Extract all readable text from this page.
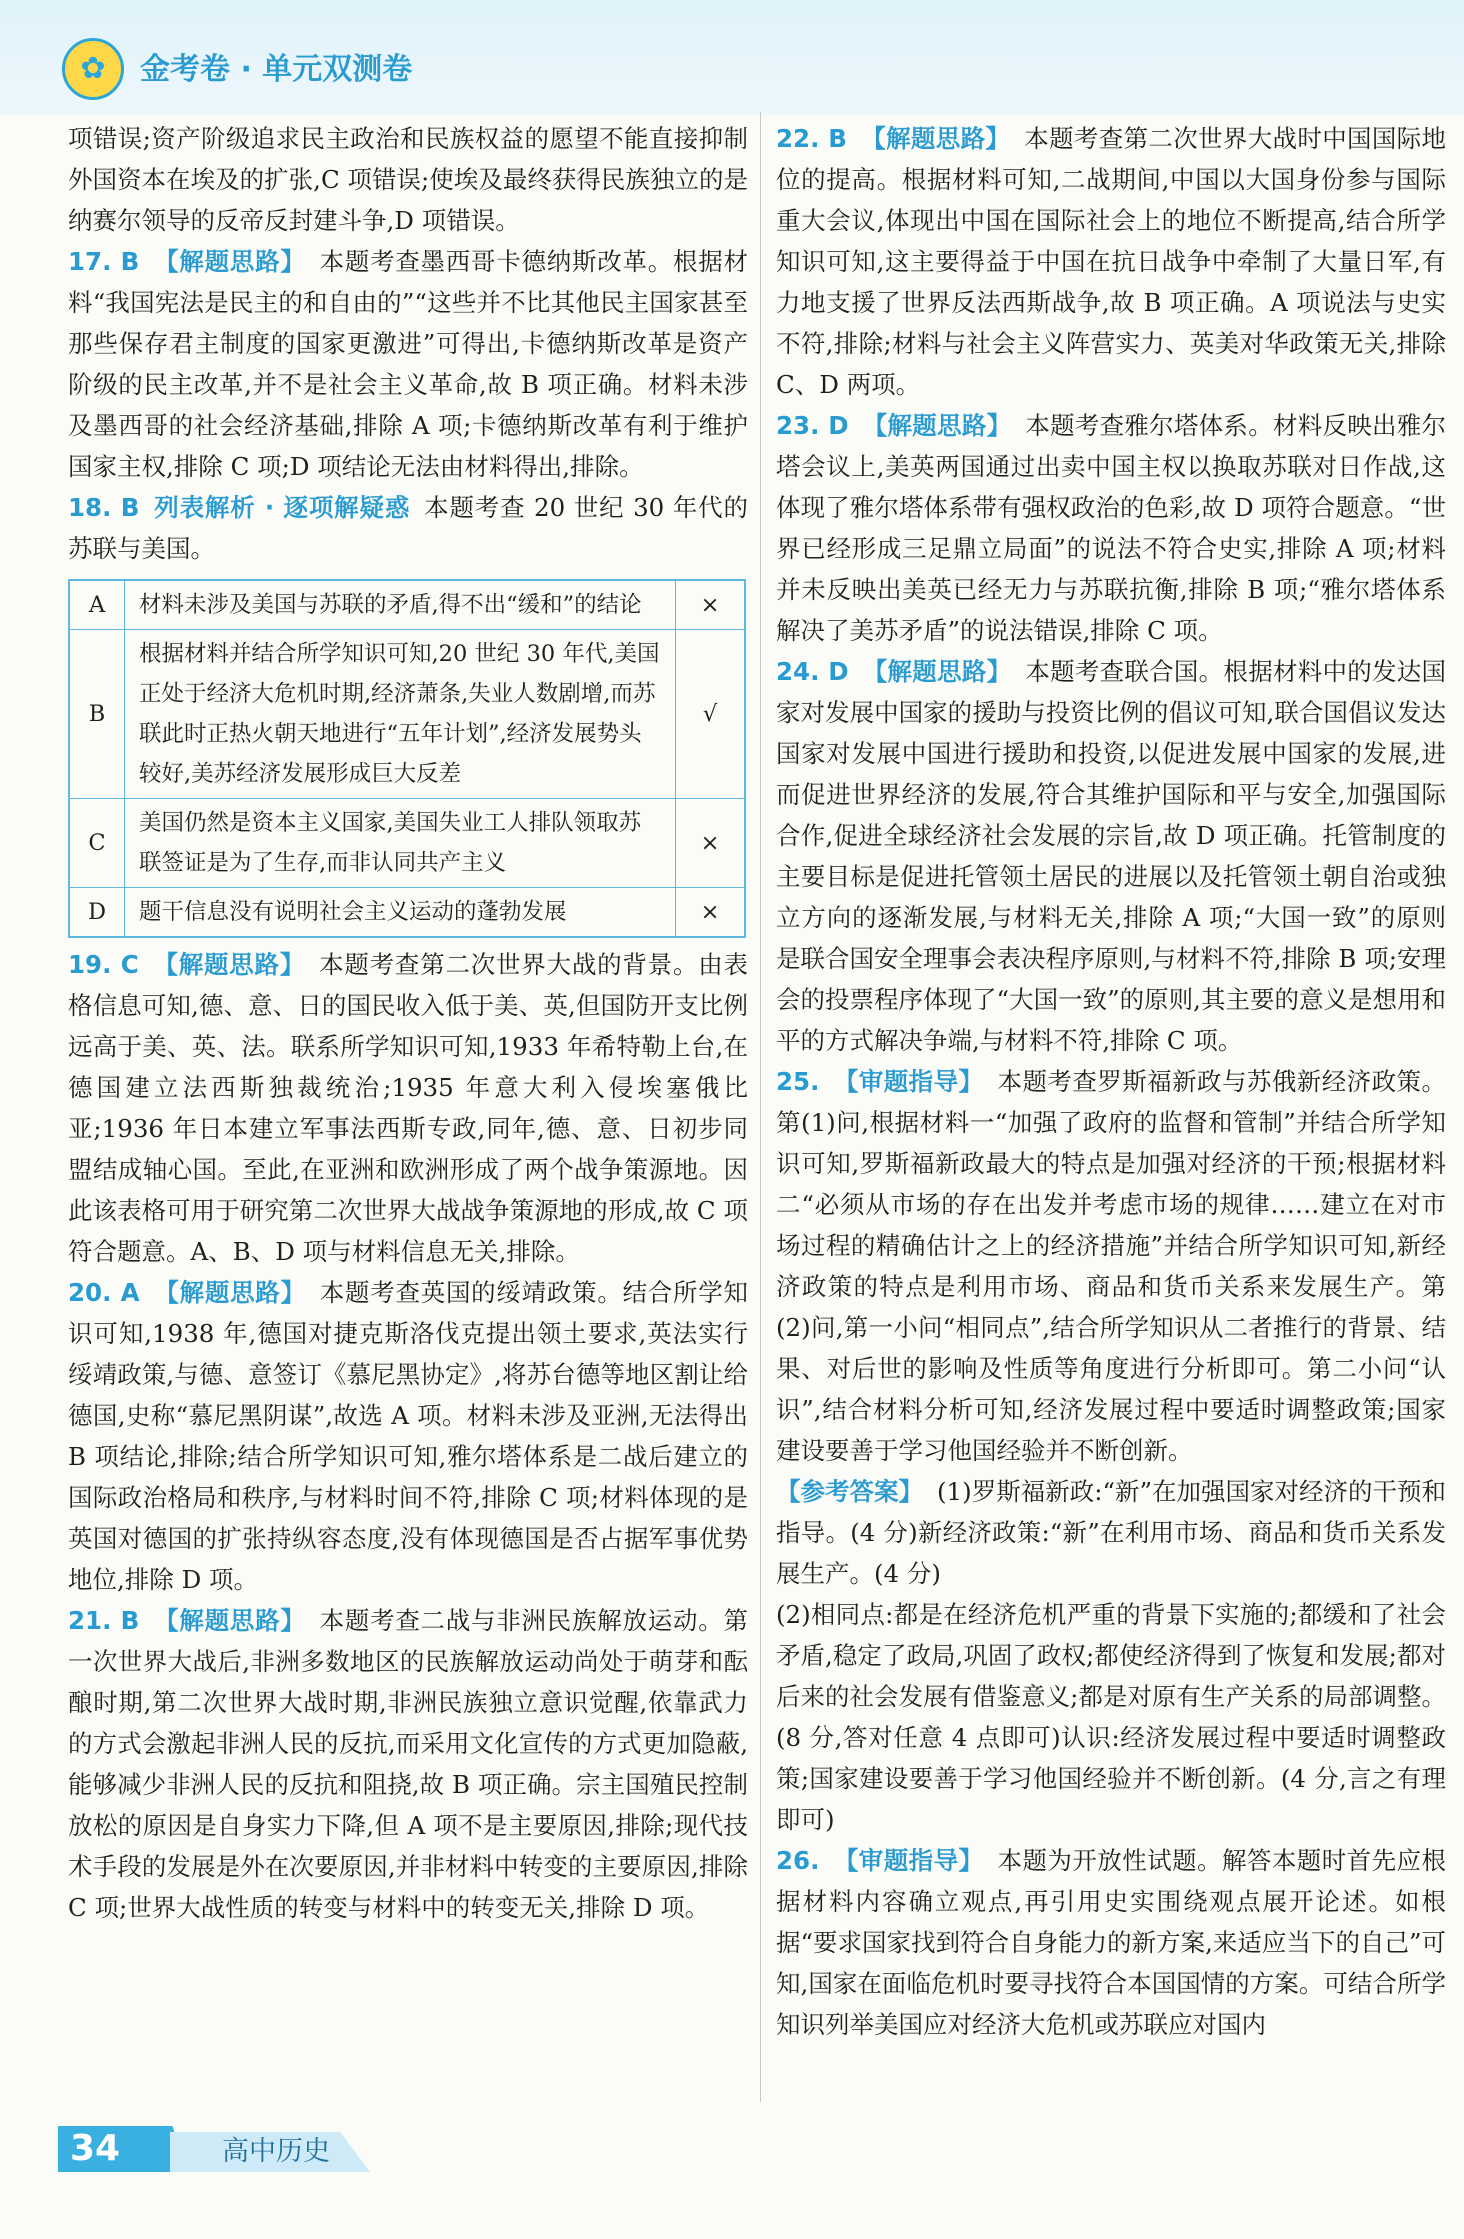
✿	金考卷 · 单元双测卷

项错误;资产阶级追求民主政治和民族权益的愿望不能直接抑制外国资本在埃及的扩张,C 项错误;使埃及最终获得民族独立的是纳赛尔领导的反帝反封建斗争,D 项错误。

17. B 【解题思路】 本题考查墨西哥卡德纳斯改革。根据材料“我国宪法是民主的和自由的”“这些并不比其他民主国家甚至那些保存君主制度的国家更激进”可得出,卡德纳斯改革是资产阶级的民主改革,并不是社会主义革命,故 B 项正确。材料未涉及墨西哥的社会经济基础,排除 A 项;卡德纳斯改革有利于维护国家主权,排除 C 项;D 项结论无法由材料得出,排除。

18. B 列表解析 · 逐项解疑惑 本题考查 20 世纪 30 年代的苏联与美国。

A	材料未涉及美国与苏联的矛盾,得不出“缓和”的结论	×
B	根据材料并结合所学知识可知,20 世纪 30 年代,美国正处于经济大危机时期,经济萧条,失业人数剧增,而苏联此时正热火朝天地进行“五年计划”,经济发展势头较好,美苏经济发展形成巨大反差	√
C	美国仍然是资本主义国家,美国失业工人排队领取苏联签证是为了生存,而非认同共产主义	×
D	题干信息没有说明社会主义运动的蓬勃发展	×

19. C 【解题思路】 本题考查第二次世界大战的背景。由表格信息可知,德、意、日的国民收入低于美、英,但国防开支比例远高于美、英、法。联系所学知识可知,1933 年希特勒上台,在德国建立法西斯独裁统治;1935 年意大利入侵埃塞俄比亚;1936 年日本建立军事法西斯专政,同年,德、意、日初步同盟结成轴心国。至此,在亚洲和欧洲形成了两个战争策源地。因此该表格可用于研究第二次世界大战战争策源地的形成,故 C 项符合题意。A、B、D 项与材料信息无关,排除。

20. A 【解题思路】 本题考查英国的绥靖政策。结合所学知识可知,1938 年,德国对捷克斯洛伐克提出领土要求,英法实行绥靖政策,与德、意签订《慕尼黑协定》,将苏台德等地区割让给德国,史称“慕尼黑阴谋”,故选 A 项。材料未涉及亚洲,无法得出 B 项结论,排除;结合所学知识可知,雅尔塔体系是二战后建立的国际政治格局和秩序,与材料时间不符,排除 C 项;材料体现的是英国对德国的扩张持纵容态度,没有体现德国是否占据军事优势地位,排除 D 项。

21. B 【解题思路】 本题考查二战与非洲民族解放运动。第一次世界大战后,非洲多数地区的民族解放运动尚处于萌芽和酝酿时期,第二次世界大战时期,非洲民族独立意识觉醒,依靠武力的方式会激起非洲人民的反抗,而采用文化宣传的方式更加隐蔽,能够减少非洲人民的反抗和阻挠,故 B 项正确。宗主国殖民控制放松的原因是自身实力下降,但 A 项不是主要原因,排除;现代技术手段的发展是外在次要原因,并非材料中转变的主要原因,排除 C 项;世界大战性质的转变与材料中的转变无关,排除 D 项。

22. B 【解题思路】 本题考查第二次世界大战时中国国际地位的提高。根据材料可知,二战期间,中国以大国身份参与国际重大会议,体现出中国在国际社会上的地位不断提高,结合所学知识可知,这主要得益于中国在抗日战争中牵制了大量日军,有力地支援了世界反法西斯战争,故 B 项正确。A 项说法与史实不符,排除;材料与社会主义阵营实力、英美对华政策无关,排除 C、D 两项。

23. D 【解题思路】 本题考查雅尔塔体系。材料反映出雅尔塔会议上,美英两国通过出卖中国主权以换取苏联对日作战,这体现了雅尔塔体系带有强权政治的色彩,故 D 项符合题意。“世界已经形成三足鼎立局面”的说法不符合史实,排除 A 项;材料并未反映出美英已经无力与苏联抗衡,排除 B 项;“雅尔塔体系解决了美苏矛盾”的说法错误,排除 C 项。

24. D 【解题思路】 本题考查联合国。根据材料中的发达国家对发展中国家的援助与投资比例的倡议可知,联合国倡议发达国家对发展中国进行援助和投资,以促进发展中国家的发展,进而促进世界经济的发展,符合其维护国际和平与安全,加强国际合作,促进全球经济社会发展的宗旨,故 D 项正确。托管制度的主要目标是促进托管领土居民的进展以及托管领土朝自治或独立方向的逐渐发展,与材料无关,排除 A 项;“大国一致”的原则是联合国安全理事会表决程序原则,与材料不符,排除 B 项;安理会的投票程序体现了“大国一致”的原则,其主要的意义是想用和平的方式解决争端,与材料不符,排除 C 项。

25. 【审题指导】 本题考查罗斯福新政与苏俄新经济政策。第(1)问,根据材料一“加强了政府的监督和管制”并结合所学知识可知,罗斯福新政最大的特点是加强对经济的干预;根据材料二“必须从市场的存在出发并考虑市场的规律……建立在对市场过程的精确估计之上的经济措施”并结合所学知识可知,新经济政策的特点是利用市场、商品和货币关系来发展生产。第(2)问,第一小问“相同点”,结合所学知识从二者推行的背景、结果、对后世的影响及性质等角度进行分析即可。第二小问“认识”,结合材料分析可知,经济发展过程中要适时调整政策;国家建设要善于学习他国经验并不断创新。

【参考答案】 (1)罗斯福新政:“新”在加强国家对经济的干预和指导。(4 分)新经济政策:“新”在利用市场、商品和货币关系发展生产。(4 分)

(2)相同点:都是在经济危机严重的背景下实施的;都缓和了社会矛盾,稳定了政局,巩固了政权;都使经济得到了恢复和发展;都对后来的社会发展有借鉴意义;都是对原有生产关系的局部调整。(8 分,答对任意 4 点即可)认识:经济发展过程中要适时调整政策;国家建设要善于学习他国经验并不断创新。(4 分,言之有理即可)

26. 【审题指导】 本题为开放性试题。解答本题时首先应根据材料内容确立观点,再引用史实围绕观点展开论述。如根据“要求国家找到符合自身能力的新方案,来适应当下的自己”可知,国家在面临危机时要寻找符合本国国情的方案。可结合所学知识列举美国应对经济大危机或苏联应对国内

34	高中历史
